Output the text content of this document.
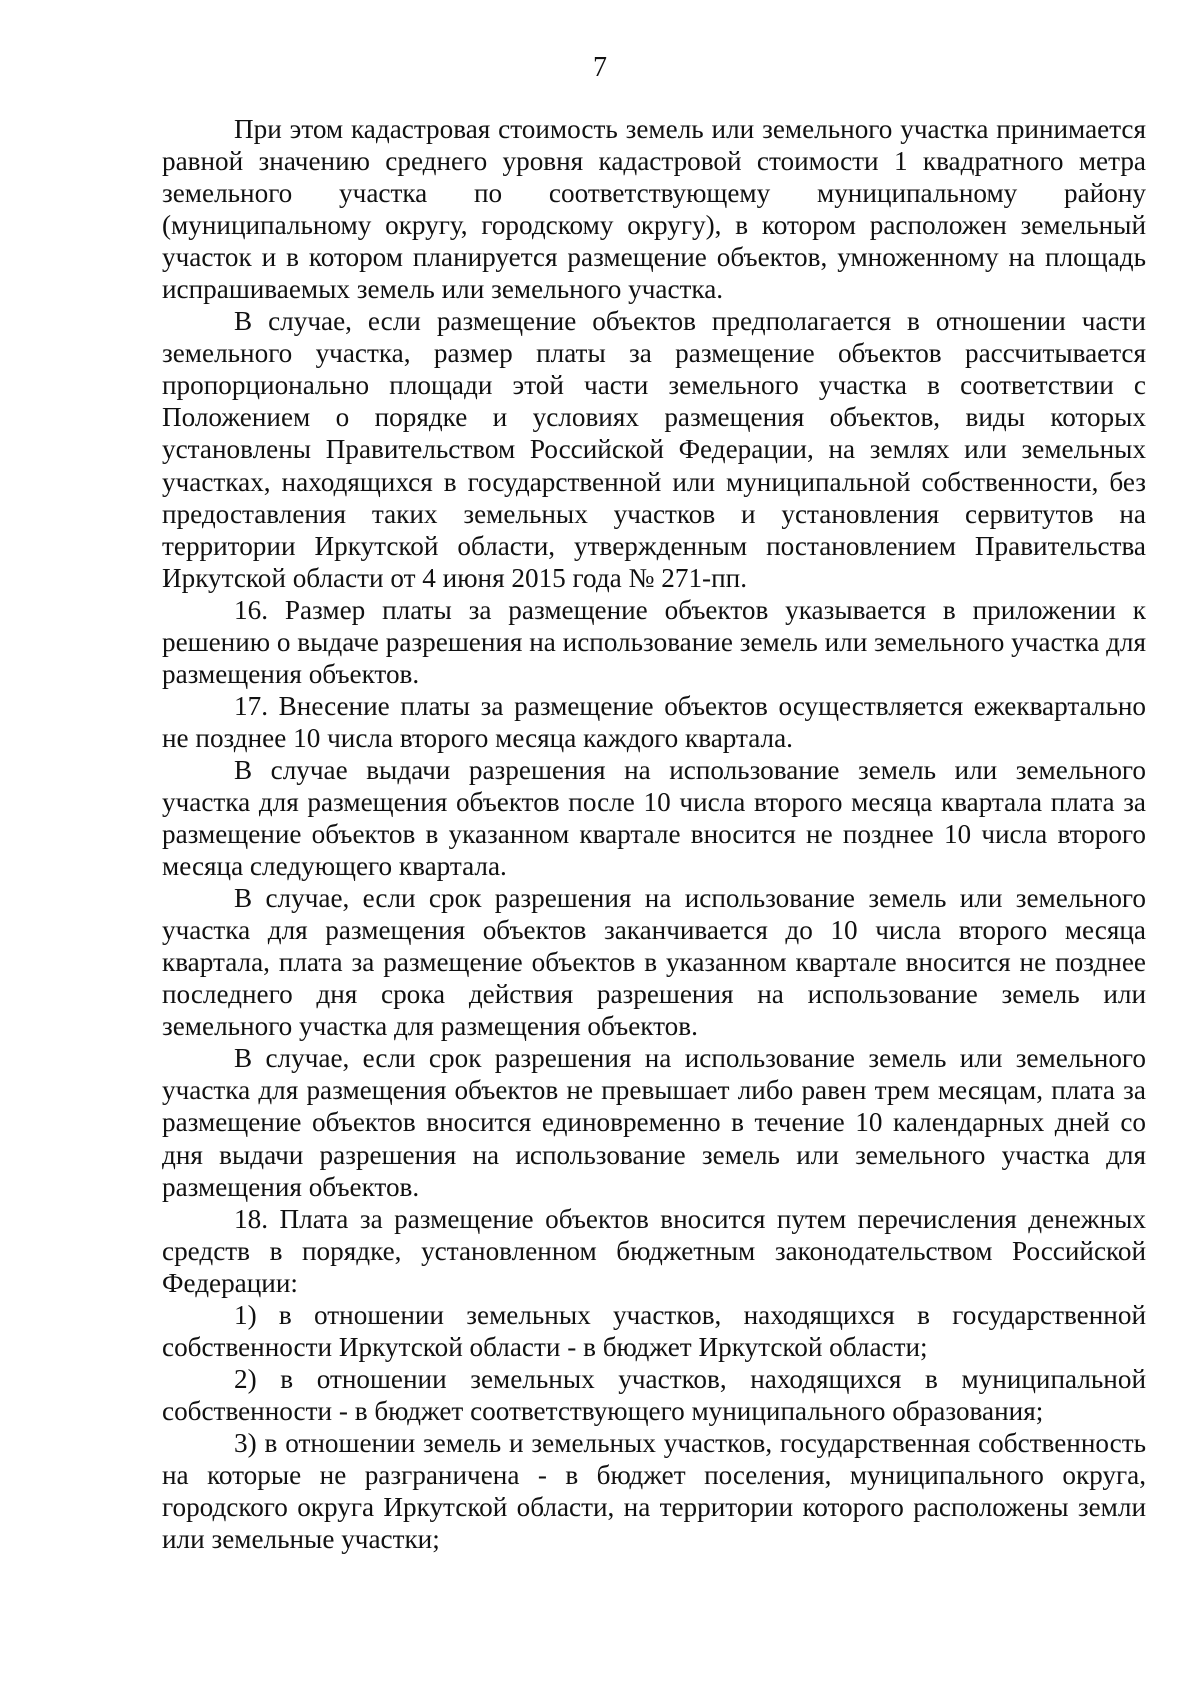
7

При этом кадастровая стоимость земель или земельного участка принимается равной значению среднего уровня кадастровой стоимости 1 квадратного метра земельного участка по соответствующему муниципальному району (муниципальному округу, городскому округу), в котором расположен земельный участок и в котором планируется размещение объектов, умноженному на площадь испрашиваемых земель или земельного участка.

В случае, если размещение объектов предполагается в отношении части земельного участка, размер платы за размещение объектов рассчитывается пропорционально площади этой части земельного участка в соответствии с Положением о порядке и условиях размещения объектов, виды которых установлены Правительством Российской Федерации, на землях или земельных участках, находящихся в государственной или муниципальной собственности, без предоставления таких земельных участков и установления сервитутов на территории Иркутской области, утвержденным постановлением Правительства Иркутской области от 4 июня 2015 года № 271-пп.

16. Размер платы за размещение объектов указывается в приложении к решению о выдаче разрешения на использование земель или земельного участка для размещения объектов.

17. Внесение платы за размещение объектов осуществляется ежеквартально не позднее 10 числа второго месяца каждого квартала.

В случае выдачи разрешения на использование земель или земельного участка для размещения объектов после 10 числа второго месяца квартала плата за размещение объектов в указанном квартале вносится не позднее 10 числа второго месяца следующего квартала.

В случае, если срок разрешения на использование земель или земельного участка для размещения объектов заканчивается до 10 числа второго месяца квартала, плата за размещение объектов в указанном квартале вносится не позднее последнего дня срока действия разрешения на использование земель или земельного участка для размещения объектов.

В случае, если срок разрешения на использование земель или земельного участка для размещения объектов не превышает либо равен трем месяцам, плата за размещение объектов вносится единовременно в течение 10 календарных дней со дня выдачи разрешения на использование земель или земельного участка для размещения объектов.

18. Плата за размещение объектов вносится путем перечисления денежных средств в порядке, установленном бюджетным законодательством Российской Федерации:

1) в отношении земельных участков, находящихся в государственной собственности Иркутской области - в бюджет Иркутской области;

2) в отношении земельных участков, находящихся в муниципальной собственности - в бюджет соответствующего муниципального образования;

3) в отношении земель и земельных участков, государственная собственность на которые не разграничена - в бюджет поселения, муниципального округа, городского округа Иркутской области, на территории которого расположены земли или земельные участки;
